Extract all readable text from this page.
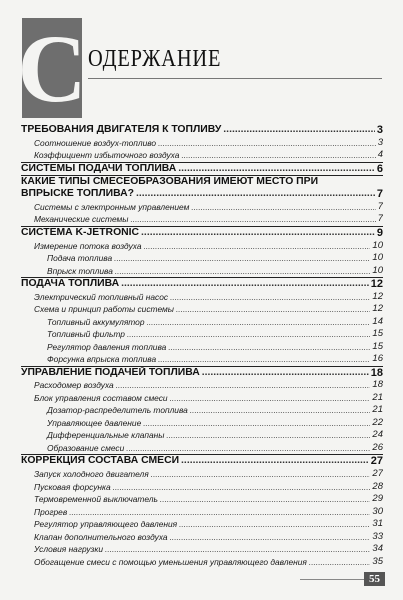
С ОДЕРЖАНИЕ
ТРЕБОВАНИЯ ДВИГАТЕЛЯ К ТОПЛИВУ .....	3
Соотношение воздух-топливо .....	3
Коэффициент избыточного воздуха .....	4
СИСТЕМЫ ПОДАЧИ ТОПЛИВА .....	6
КАКИЕ ТИПЫ СМЕСЕОБРАЗОВАНИЯ ИМЕЮТ МЕСТО ПРИ
ВПРЫСКЕ ТОПЛИВА? .....	7
Системы с электронным управлением .....	7
Механические системы .....	7
СИСТЕМА K-JETRONIC .....	9
Измерение потока воздуха .....	10
Подача топлива .....	10
Впрыск топлива .....	10
ПОДАЧА ТОПЛИВА .....	12
Электрический топливный насос .....	12
Схема и принцип работы системы .....	12
Топливный аккумулятор .....	14
Топливный фильтр .....	15
Регулятор давления топлива .....	15
Форсунка впрыска топлива .....	16
УПРАВЛЕНИЕ ПОДАЧЕЙ ТОПЛИВА .....	18
Расходомер воздуха .....	18
Блок управления составом смеси .....	21
Дозатор-распределитель топлива .....	21
Управляющее давление .....	22
Дифференциальные клапаны .....	24
Образование смеси .....	26
КОРРЕКЦИЯ СОСТАВА СМЕСИ .....	27
Запуск холодного двигателя .....	27
Пусковая форсунка .....	28
Термовременной выключатель .....	29
Прогрев .....	30
Регулятор управляющего давления .....	31
Клапан дополнительного воздуха .....	33
Условия нагрузки .....	34
Обогащение смеси с помощью уменьшения управляющего давления .....	35
55
